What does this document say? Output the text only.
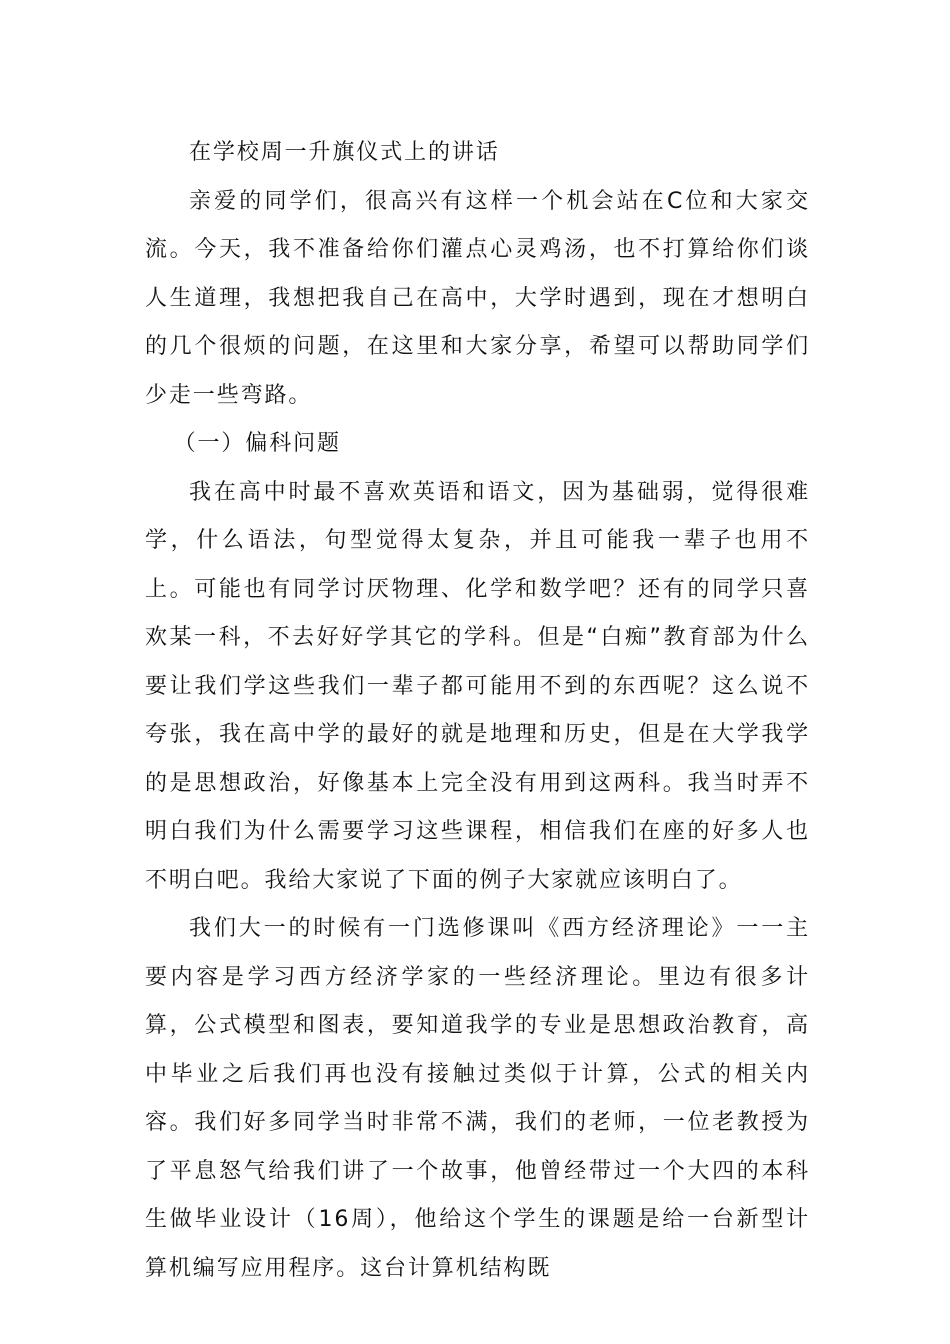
在学校周一升旗仪式上的讲话

亲爱的同学们，很高兴有这样一个机会站在C位和大家交流。今天，我不准备给你们灌点心灵鸡汤，也不打算给你们谈人生道理，我想把我自己在高中，大学时遇到，现在才想明白的几个很烦的问题，在这里和大家分享，希望可以帮助同学们少走一些弯路。

（一）偏科问题

我在高中时最不喜欢英语和语文，因为基础弱，觉得很难学，什么语法，句型觉得太复杂，并且可能我一辈子也用不上。可能也有同学讨厌物理、化学和数学吧？还有的同学只喜欢某一科，不去好好学其它的学科。但是“白痴”教育部为什么要让我们学这些我们一辈子都可能用不到的东西呢？这么说不夸张，我在高中学的最好的就是地理和历史，但是在大学我学的是思想政治，好像基本上完全没有用到这两科。我当时弄不明白我们为什么需要学习这些课程，相信我们在座的好多人也不明白吧。我给大家说了下面的例子大家就应该明白了。

我们大一的时候有一门选修课叫《西方经济理论》一一主要内容是学习西方经济学家的一些经济理论。里边有很多计算，公式模型和图表，要知道我学的专业是思想政治教育，高中毕业之后我们再也没有接触过类似于计算，公式的相关内容。我们好多同学当时非常不满，我们的老师，一位老教授为了平息怒气给我们讲了一个故事，他曾经带过一个大四的本科生做毕业设计（16周），他给这个学生的课题是给一台新型计算机编写应用程序。这台计算机结构既
